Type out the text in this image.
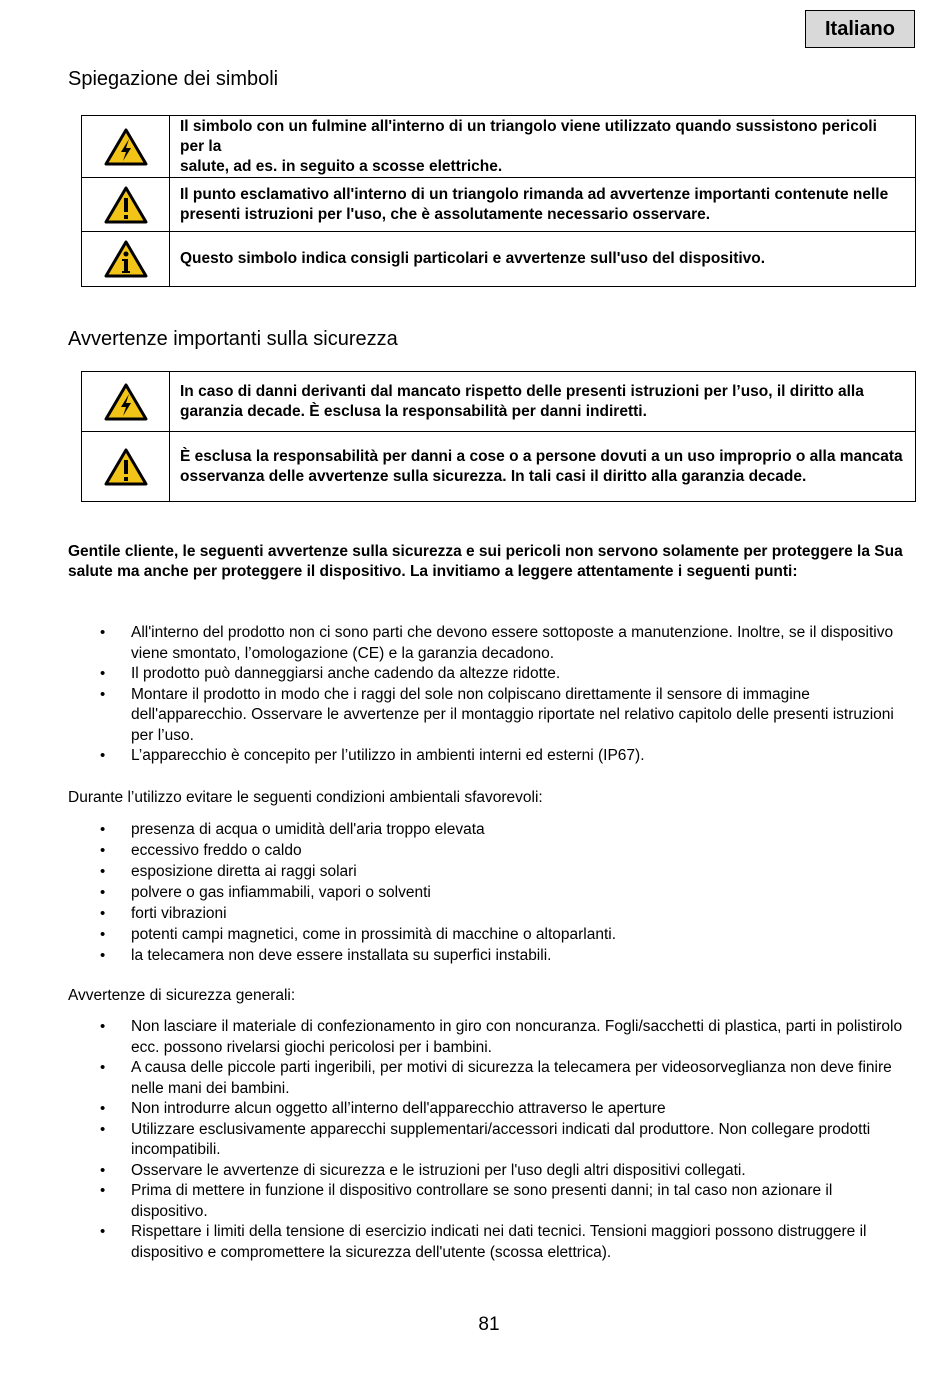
Italiano
Spiegazione dei simboli
	Il simbolo con un fulmine all'interno di un triangolo viene utilizzato quando sussistono pericoli per la
salute, ad es. in seguito a scosse elettriche.

	Il punto esclamativo all'interno di un triangolo rimanda ad avvertenze importanti contenute nelle presenti istruzioni per l'uso, che è assolutamente necessario osservare.

	Questo simbolo indica consigli particolari e avvertenze sull'uso del dispositivo.
Avvertenze importanti sulla sicurezza
	In caso di danni derivanti dal mancato rispetto delle presenti istruzioni per l’uso, il diritto alla garanzia decade. È esclusa la responsabilità per danni indiretti.

	È esclusa la responsabilità per danni a cose o a persone dovuti a un uso improprio o alla mancata osservanza delle avvertenze sulla sicurezza. In tali casi il diritto alla garanzia decade.

Gentile cliente, le seguenti avvertenze sulla sicurezza e sui pericoli non servono solamente per proteggere la Sua salute ma anche per proteggere il dispositivo. La invitiamo a leggere attentamente i seguenti punti:

• All'interno del prodotto non ci sono parti che devono essere sottoposte a manutenzione. Inoltre, se il dispositivo viene smontato, l’omologazione (CE) e la garanzia decadono.
• Il prodotto può danneggiarsi anche cadendo da altezze ridotte.
• Montare il prodotto in modo che i raggi del sole non colpiscano direttamente il sensore di immagine dell'apparecchio. Osservare le avvertenze per il montaggio riportate nel relativo capitolo delle presenti istruzioni per l’uso.
• L’apparecchio è concepito per l’utilizzo in ambienti interni ed esterni (IP67).

Durante l’utilizzo evitare le seguenti condizioni ambientali sfavorevoli:

• presenza di acqua o umidità dell'aria troppo elevata
• eccessivo freddo o caldo
• esposizione diretta ai raggi solari
• polvere o gas infiammabili, vapori o solventi
• forti vibrazioni
• potenti campi magnetici, come in prossimità di macchine o altoparlanti.
• la telecamera non deve essere installata su superfici instabili.

Avvertenze di sicurezza generali:

• Non lasciare il materiale di confezionamento in giro con noncuranza. Fogli/sacchetti di plastica, parti in polistirolo ecc. possono rivelarsi giochi pericolosi per i bambini.
• A causa delle piccole parti ingeribili, per motivi di sicurezza la telecamera per videosorveglianza non deve finire nelle mani dei bambini.
• Non introdurre alcun oggetto all’interno dell'apparecchio attraverso le aperture
• Utilizzare esclusivamente apparecchi supplementari/accessori indicati dal produttore. Non collegare prodotti incompatibili.
• Osservare le avvertenze di sicurezza e le istruzioni per l'uso degli altri dispositivi collegati.
• Prima di mettere in funzione il dispositivo controllare se sono presenti danni; in tal caso non azionare il dispositivo.
• Rispettare i limiti della tensione di esercizio indicati nei dati tecnici. Tensioni maggiori possono distruggere il dispositivo e compromettere la sicurezza dell'utente (scossa elettrica).
81
